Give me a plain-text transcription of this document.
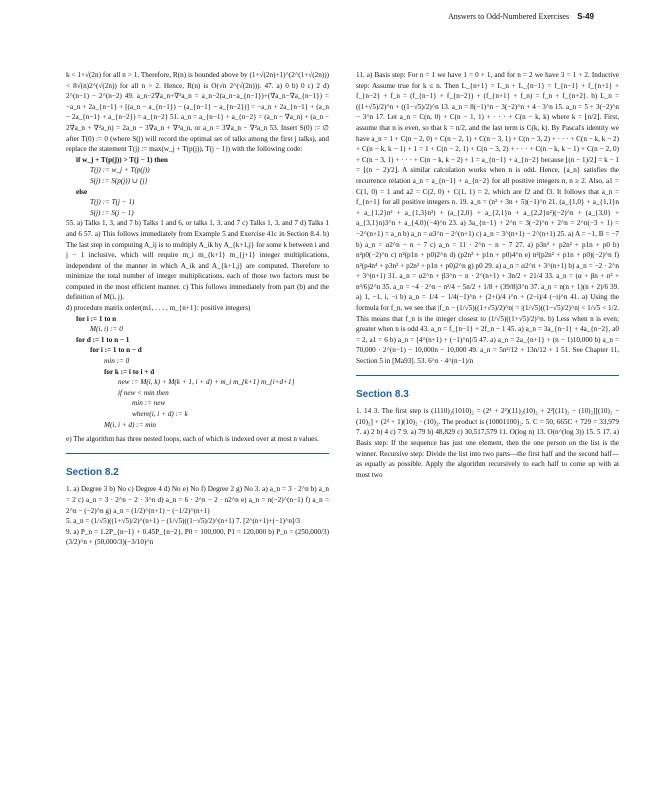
Answers to Odd-Numbered Exercises S-49

k < 1+√(2n) for all n > 1. Therefore, R(n) is bounded above by (1+√(2n)+1)^(2^(1+√(2n))) < 8√(n)2^(√(2n)) for all n > 2. Hence, R(n) is O(√n 2^(√(2n))). 47. a) 0 b) 0 c) 2 d) 2^(n−1) − 2^(n−2) 49. a_n−2∇a_n+∇²a_n = a_n−2(a_n−a_{n−1})+(∇a_n−∇a_{n−1}) = −a_n + 2a_{n−1} + [(a_n − a_{n−1}) − (a_{n−1} − a_{n−2})] = −a_n + 2a_{n−1} + (a_n − 2a_{n−1} + a_{n−2}) = a_{n−2} 51. a_n = a_{n−1} + a_{n−2} = (a_n − ∇a_n) + (a_n − 2∇a_n + ∇²a_n) = 2a_n − 3∇a_n + ∇²a_n, or a_n = 3∇a_n − ∇²a_n 53. Insert S(0) := ∅ after T(0) := 0 (where S(j) will record the optimal set of talks among the first j talks), and replace the statement T(j) := max(w_j + T(p(j)), T(j − 1)) with the following code:

if w_j + T(p(j)) > T(j − 1) then
T(j) := w_j + T(p(j))
S(j) := S(p(j)) ∪ {j}
else
T(j) := T(j − 1)
S(j) := S(j − 1)

55. a) Talks 1, 3, and 7 b) Talks 1 and 6, or talks 1, 3, and 7 c) Talks 1, 3, and 7 d) Talks 1 and 6 57. a) This follows immediately from Example 5 and Exercise 41c in Section 8.4. b) The last step in computing A_ij is to multiply A_ik by A_{k+1,j} for some k between i and j − 1 inclusive, which will require m_i m_{k+1} m_{j+1} integer multiplications, independent of the manner in which A_ik and A_{k+1,j} are computed. Therefore to minimize the total number of integer multiplications, each of those two factors must be computed in the most efficient manner. c) This follows immediately from part (b) and the definition of M(i, j).

d) procedure matrix order(m1, . . . , m_{n+1}: positive integers)

for i := 1 to n
M(i, i) := 0
for d := 1 to n − 1
for i := 1 to n − d
min := 0
for k := i to i + d
new := M(i, k) + M(k + 1, i + d) + m_i m_{k+1} m_{i+d+1}
if new < min then
min := new
where(i, i + d) := k
M(i, i + d) := min

e) The algorithm has three nested loops, each of which is indexed over at most n values.

Section 8.2

1. a) Degree 3 b) No c) Degree 4 d) No e) No f) Degree 2 g) No 3. a) a_n = 3 · 2^n b) a_n = 2 c) a_n = 3 · 2^n − 2 · 3^n d) a_n = 6 · 2^n − 2 · n2^n e) a_n = n(−2)^(n−1) f) a_n = 2^n − (−2)^n g) a_n = (1/2)^(n+1) − (−1/2)^(n+1)

5. a_n = (1/√5)((1+√5)/2)^(n+1) − (1/√5)((1−√5)/2)^(n+1) 7. [2^(n+1)+(−1)^n]/3

9. a) P_n = 1.2P_{n−1} + 0.45P_{n−2}, P0 = 100,000, P1 = 120,000 b) P_n = (250,000/3)(3/2)^n + (50,000/3)(−3/10)^n

11. a) Basis step: For n = 1 we have 1 = 0 + 1, and for n = 2 we have 3 = 1 + 2. Inductive step: Assume true for k ≤ n. Then L_{n+1} = L_n + L_{n−1} = f_{n−1} + f_{n+1} + f_{n−2} + f_n = (f_{n−1} + f_{n−2}) + (f_{n+1} + f_n) = f_n + f_{n+2}. b) L_n = ((1+√5)/2)^n + ((1−√5)/2)^n 13. a_n = 8(−1)^n − 3(−2)^n + 4 · 3^n 15. a_n = 5 + 3(−2)^n − 3^n 17. Let a_n = C(n, 0) + C(n − 1, 1) + · · · + C(n − k, k) where k = ⌊n/2⌋. First, assume that n is even, so that k = n/2, and the last term is C(k, k). By Pascal's identity we have a_n = 1 + C(n − 2, 0) + C(n − 2, 1) + C(n − 3, 1) + C(n − 3, 2) + · · · + C(n − k, k − 2) + C(n − k, k − 1) + 1 = 1 + C(n − 2, 1) + C(n − 3, 2) + · · · + C(n − k, k − 1) + C(n − 2, 0) + C(n − 3, 1) + · · · + C(n − k, k − 2) + 1 = a_{n−1} + a_{n−2} because ⌊(n − 1)/2⌋ = k − 1 = ⌊(n − 2)/2⌋. A similar calculation works when n is odd. Hence, {a_n} satisfies the recurrence relation a_n = a_{n−1} + a_{n−2} for all positive integers n, n ≥ 2. Also, a1 = C(1, 0) = 1 and a2 = C(2, 0) + C(1, 1) = 2, which are f2 and f3. It follows that a_n = f_{n+1} for all positive integers n. 19. a_n = (n² + 3n + 5)(−1)^n 21. (a_{1,0} + a_{1,1}n + a_{1,2}n² + a_{1,3}n³) + (a_{2,0} + a_{2,1}n + a_{2,2}n²)(−2)^n + (a_{3,0} + a_{3,1}n)3^n + a_{4,0}(−4)^n 23. a) 3a_{n−1} + 2^n = 3(−2)^n + 2^n = 2^n(−3 + 1) = −2^(n+1) = a_n b) a_n = α3^n − 2^(n+1) c) a_n = 3^(n+1) − 2^(n+1) 25. a) A = −1, B = −7 b) a_n = α2^n − n − 7 c) a_n = 11 · 2^n − n − 7 27. a) p3n³ + p2n² + p1n + p0 b) n²p0(−2)^n c) n²(p1n + p0)2^n d) (p2n² + p1n + p0)4^n e) n²(p2n² + p1n + p0)(−2)^n f) n²(p4n⁴ + p3n³ + p2n² + p1n + p0)2^n g) p0 29. a) a_n = α2^n + 3^(n+1) b) a_n = −2 · 2^n + 3^(n+1) 31. a_n = α2^n + β3^n − n · 2^(n+1) + 3n/2 + 21/4 33. a_n = (α + βn + n² + n³/6)2^n 35. a_n = −4 · 2^n − n²/4 − 5n/2 + 1/8 + (39/8)3^n 37. a_n = n(n + 1)(n + 2)/6 39. a) 1, −1, i, −i b) a_n = 1/4 − 1/4(−1)^n + (2+i)/4 i^n + (2−i)/4 (−i)^n 41. a) Using the formula for f_n, we see that |f_n − (1/√5)((1+√5)/2)^n| = |(1/√5)((1−√5)/2)^n| < 1/√5 < 1/2. This means that f_n is the integer closest to (1/√5)((1+√5)/2)^n. b) Less when n is even; greater when n is odd 43. a_n = f_{n−1} + 2f_n − 1 45. a) a_n = 3a_{n−1} + 4a_{n−2}, a0 = 2, a1 = 6 b) a_n = [4^(n+1) + (−1)^n]/5 47. a) a_n = 2a_{n+1} + (n − 1)10,000 b) a_n = 70,000 · 2^(n−1) − 10,000n − 10,000 49. a_n = 5n²/12 + 13n/12 + 1 51. See Chapter 11, Section 5 in [Ma93]. 53. 6^n · 4^(n−1)/n

Section 8.3

1. 14 3. The first step is (1110)₂(1010)₂ = (2⁴ + 2²)(11)₂(10)₂ + 2²[(11)₂ − (10)₂][(10)₂ − (10)₂] + (2² + 1)(10)₂ · (10)₂. The product is (10001100)₂. 5. C = 50, 665C + 729 = 33,979 7. a) 2 b) 4 c) 7 9. a) 79 b) 48,829 c) 30,517,579 11. O(log n) 13. O(n^(log 3)) 15. 5 17. a) Basis step: If the sequence has just one element, then the one person on the list is the winner. Recursive step: Divide the list into two parts—the first half and the second half—as equally as possible. Apply the algorithm recursively to each half to come up with at most two
